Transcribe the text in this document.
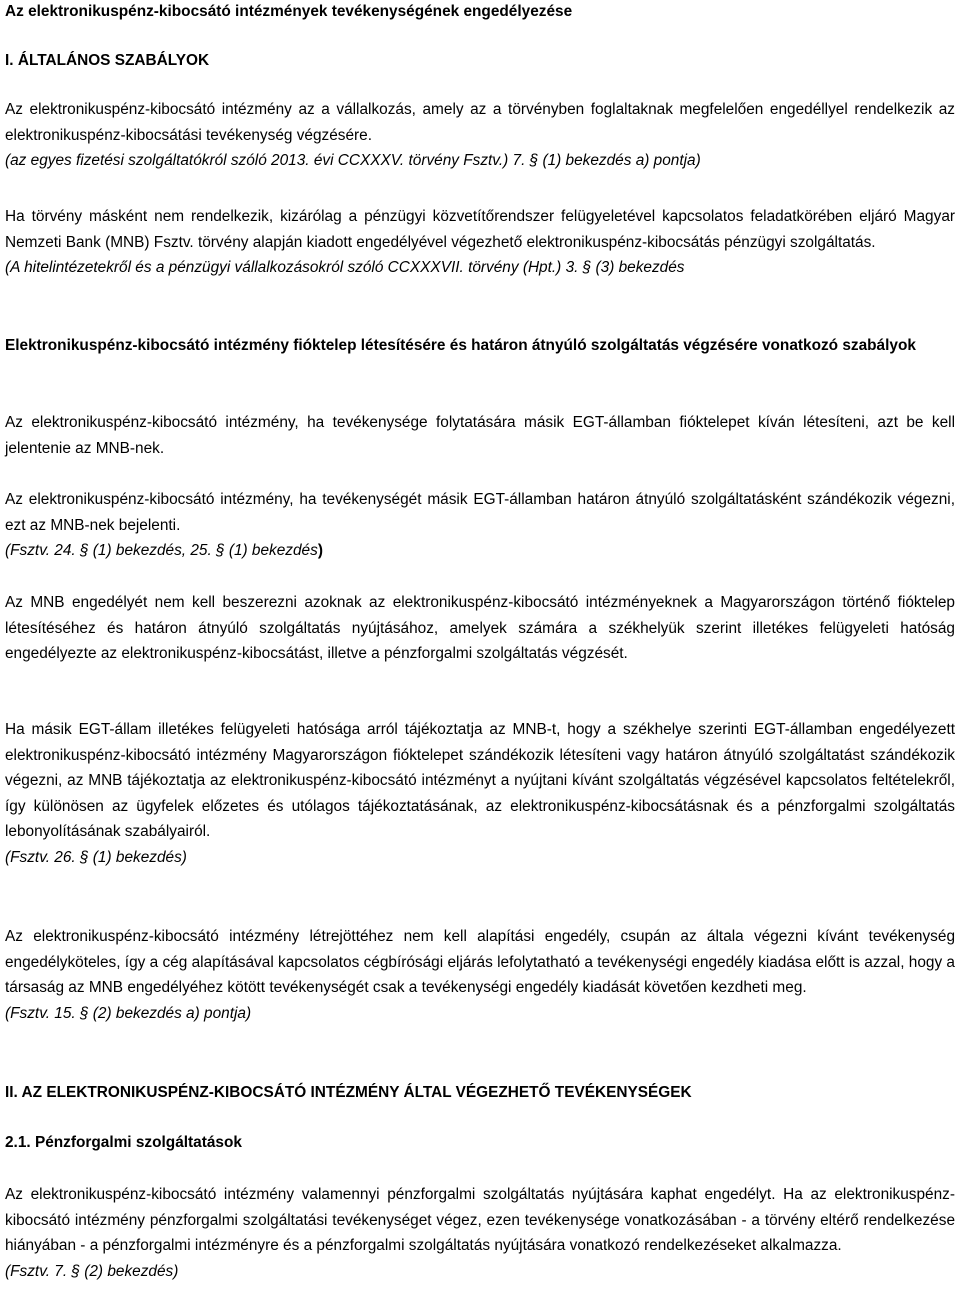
Az elektronikuspénz-kibocsátó intézmények tevékenységének engedélyezése
I. ÁLTALÁNOS SZABÁLYOK

Az elektronikuspénz-kibocsátó intézmény az a vállalkozás, amely az a törvényben foglaltaknak megfelelően engedéllyel rendelkezik az elektronikuspénz-kibocsátási tevékenység végzésére.

(az egyes fizetési szolgáltatókról szóló 2013. évi CCXXXV. törvény Fsztv.) 7. § (1) bekezdés a) pontja)

Ha törvény másként nem rendelkezik, kizárólag a pénzügyi közvetítőrendszer felügyeletével kapcsolatos feladatkörében eljáró Magyar Nemzeti Bank (MNB) Fsztv. törvény alapján kiadott engedélyével végezhető elektronikuspénz-kibocsátás pénzügyi szolgáltatás.

(A hitelintézetekről és a pénzügyi vállalkozásokról szóló CCXXXVII. törvény (Hpt.) 3. § (3) bekezdés

Elektronikuspénz-kibocsátó intézmény fióktelep létesítésére és határon átnyúló szolgáltatás végzésére vonatkozó szabályok
Az elektronikuspénz-kibocsátó intézmény, ha tevékenysége folytatására másik EGT-államban fióktelepet kíván létesíteni, azt be kell jelentenie az MNB-nek.

Az elektronikuspénz-kibocsátó intézmény, ha tevékenységét másik EGT-államban határon átnyúló szolgáltatásként szándékozik végezni, ezt az MNB-nek bejelenti.

(Fsztv. 24. § (1) bekezdés, 25. § (1) bekezdés)

Az MNB engedélyét nem kell beszerezni azoknak az elektronikuspénz-kibocsátó intézményeknek a Magyarországon történő fióktelep létesítéséhez és határon átnyúló szolgáltatás nyújtásához, amelyek számára a székhelyük szerint illetékes felügyeleti hatóság engedélyezte az elektronikuspénz-kibocsátást, illetve a pénzforgalmi szolgáltatás végzését.

Ha másik EGT-állam illetékes felügyeleti hatósága arról tájékoztatja az MNB-t, hogy a székhelye szerinti EGT-államban engedélyezett elektronikuspénz-kibocsátó intézmény Magyarországon fióktelepet szándékozik létesíteni vagy határon átnyúló szolgáltatást szándékozik végezni, az MNB tájékoztatja az elektronikuspénz-kibocsátó intézményt a nyújtani kívánt szolgáltatás végzésével kapcsolatos feltételekről, így különösen az ügyfelek előzetes és utólagos tájékoztatásának, az elektronikuspénz-kibocsátásnak és a pénzforgalmi szolgáltatás lebonyolításának szabályairól.

(Fsztv. 26. § (1) bekezdés)

Az elektronikuspénz-kibocsátó intézmény létrejöttéhez nem kell alapítási engedély, csupán az általa végezni kívánt tevékenység engedélyköteles, így a cég alapításával kapcsolatos cégbírósági eljárás lefolytatható a tevékenységi engedély kiadása előtt is azzal, hogy a társaság az MNB engedélyéhez kötött tevékenységét csak a tevékenységi engedély kiadását követően kezdheti meg.

(Fsztv. 15. § (2) bekezdés a) pontja)

II. AZ ELEKTRONIKUSPÉNZ-KIBOCSÁTÓ INTÉZMÉNY ÁLTAL VÉGEZHETŐ TEVÉKENYSÉGEK
2.1. Pénzforgalmi szolgáltatások

Az elektronikuspénz-kibocsátó intézmény valamennyi pénzforgalmi szolgáltatás nyújtására kaphat engedélyt. Ha az elektronikuspénz-kibocsátó intézmény pénzforgalmi szolgáltatási tevékenységet végez, ezen tevékenysége vonatkozásában - a törvény eltérő rendelkezése hiányában - a pénzforgalmi intézményre és a pénzforgalmi szolgáltatás nyújtására vonatkozó rendelkezéseket alkalmazza.

(Fsztv. 7. § (2) bekezdés)
